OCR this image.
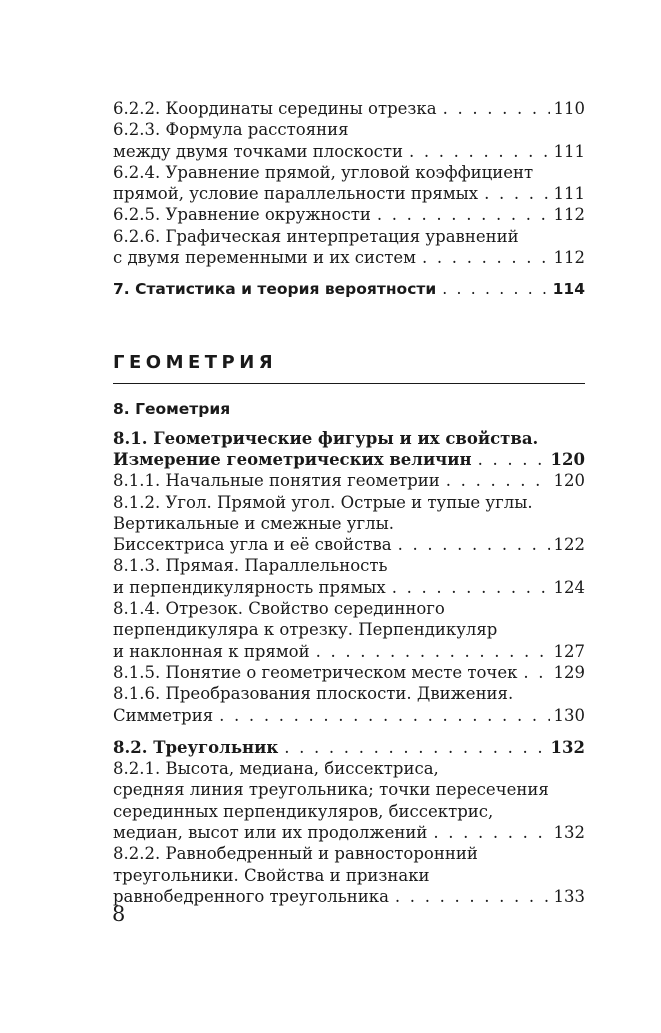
6.2.2. Координаты середины отрезка . . .	110
6.2.3. Формула расстояния
между двумя точками плоскости . . .	111
6.2.4. Уравнение прямой, угловой коэффициент
прямой, условие параллельности прямых . . .	111
6.2.5. Уравнение окружности . . .	112
6.2.6. Графическая интерпретация уравнений
с двумя переменными и их систем . . .	112
7. Статистика и теория вероятности . . .	114
ГЕОМЕТРИЯ
8. Геометрия
8.1. Геометрические фигуры и их свойства.
Измерение геометрических величин . . .	120
8.1.1. Начальные понятия геометрии . . .	120
8.1.2. Угол. Прямой угол. Острые и тупые углы.
Вертикальные и смежные углы.
Биссектриса угла и её свойства . . .	122
8.1.3. Прямая. Параллельность
и перпендикулярность прямых . . .	124
8.1.4. Отрезок. Свойство серединного
перпендикуляра к отрезку. Перпендикуляр
и наклонная к прямой . . .	127
8.1.5. Понятие о геометрическом месте точек . . . 129
8.1.6. Преобразования плоскости. Движения.
Симметрия . . .	130
8.2. Треугольник . . .	132
8.2.1. Высота, медиана, биссектриса,
средняя линия треугольника; точки пересечения
серединных перпендикуляров, биссектрис,
медиан, высот или их продолжений . . .	132
8.2.2. Равнобедренный и равносторонний
треугольники. Свойства и признаки
равнобедренного треугольника . . .	133
8
